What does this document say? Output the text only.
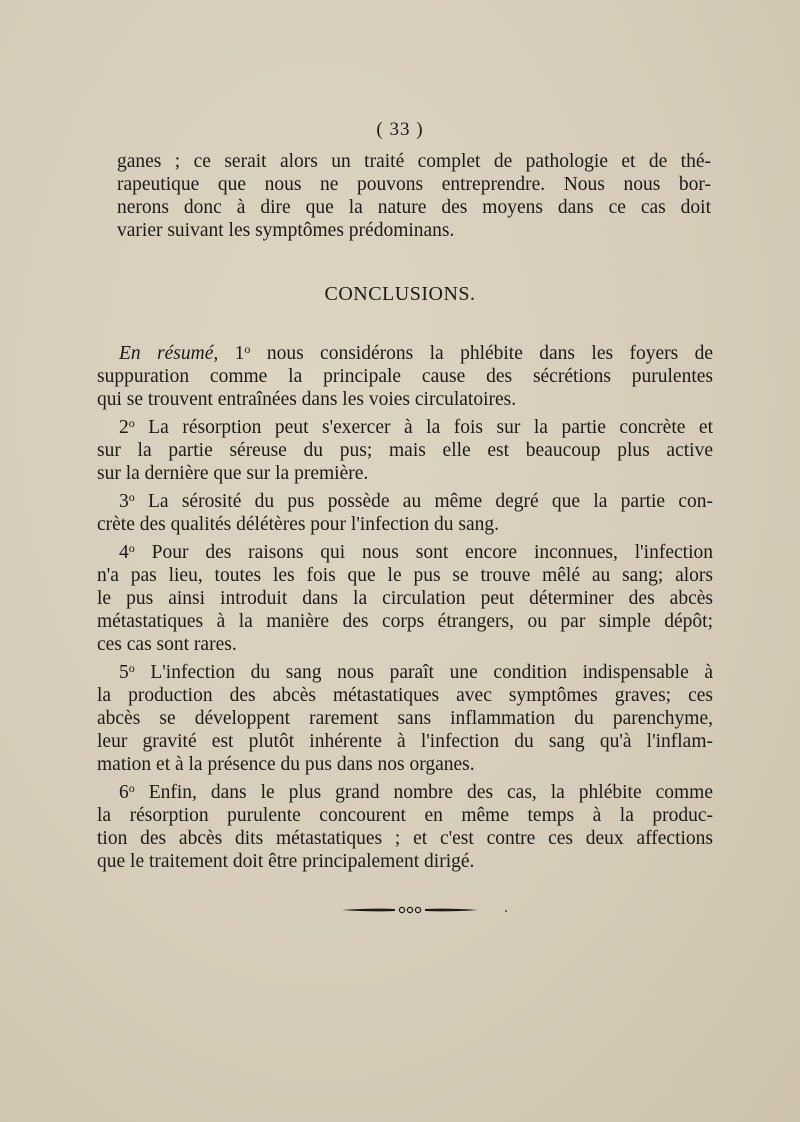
( 33 )
ganes ; ce serait alors un traité complet de pathologie et de thé-
rapeutique que nous ne pouvons entreprendre. Nous nous bor-
nerons donc à dire que la nature des moyens dans ce cas doit
varier suivant les symptômes prédominans.
CONCLUSIONS.
En résumé, 1$^o$ nous considérons la phlébite dans les foyers de
suppuration comme la principale cause des sécrétions purulentes
qui se trouvent entraînées dans les voies circulatoires.
2$^o$ La résorption peut s'exercer à la fois sur la partie concrète et
sur la partie séreuse du pus; mais elle est beaucoup plus active
sur la dernière que sur la première.
3$^o$ La sérosité du pus possède au même degré que la partie con-
crète des qualités délétères pour l'infection du sang.
4$^o$ Pour des raisons qui nous sont encore inconnues, l'infection
n'a pas lieu, toutes les fois que le pus se trouve mêlé au sang; alors
le pus ainsi introduit dans la circulation peut déterminer des abcès
métastatiques à la manière des corps étrangers, ou par simple dépôt;
ces cas sont rares.
5$^o$ L'infection du sang nous paraît une condition indispensable à
la production des abcès métastatiques avec symptômes graves; ces
abcès se développent rarement sans inflammation du parenchyme,
leur gravité est plutôt inhérente à l'infection du sang qu'à l'inflam-
mation et à la présence du pus dans nos organes.
6$^o$ Enfin, dans le plus grand nombre des cas, la phlébite comme
la résorption purulente concourent en même temps à la produc-
tion des abcès dits métastatiques ; et c'est contre ces deux affections
que le traitement doit être principalement dirigé.
